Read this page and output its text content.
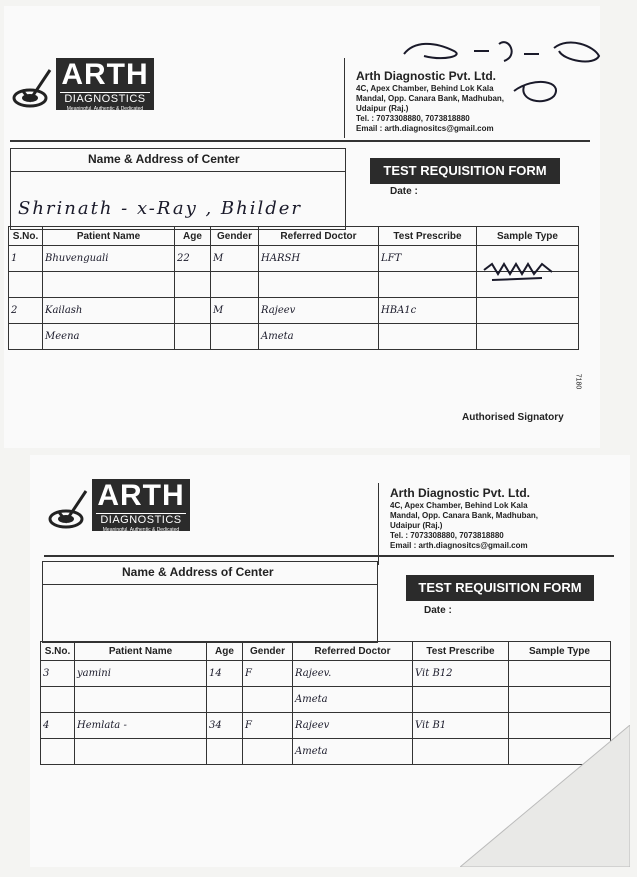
ARTH
DIAGNOSTICS
Meaningful, Authentic & Dedicated
Arth Diagnostic Pvt. Ltd.
4C, Apex Chamber, Behind Lok Kala
Mandal, Opp. Canara Bank, Madhuban,
Udaipur (Raj.)
Tel. : 7073308880, 7073818880
Email : arth.diagnositcs@gmail.com
Name & Address of Center
Shrinath - x-Ray , Bhilder
TEST REQUISITION FORM
Date :
S.No.	Patient Name	Age	Gender	Referred Doctor	Test Prescribe	Sample Type
1	Bhuvenguali	22	M	HARSH	LFT	

2	Kailash		M	Rajeev	HBA1c	
	Meena			Ameta		
7180
Authorised Signatory
ARTH
DIAGNOSTICS
Meaningful, Authentic & Dedicated
Arth Diagnostic Pvt. Ltd.
4C, Apex Chamber, Behind Lok Kala
Mandal, Opp. Canara Bank, Madhuban,
Udaipur (Raj.)
Tel. : 7073308880, 7073818880
Email : arth.diagnositcs@gmail.com
Name & Address of Center
TEST REQUISITION FORM
Date :
S.No.	Patient Name	Age	Gender	Referred Doctor	Test Prescribe	Sample Type
3	yamini	14	F	Rajeev.	Vit B12	
				Ameta		
4	Hemlata -	34	F	Rajeev	Vit B1	
				Ameta		
